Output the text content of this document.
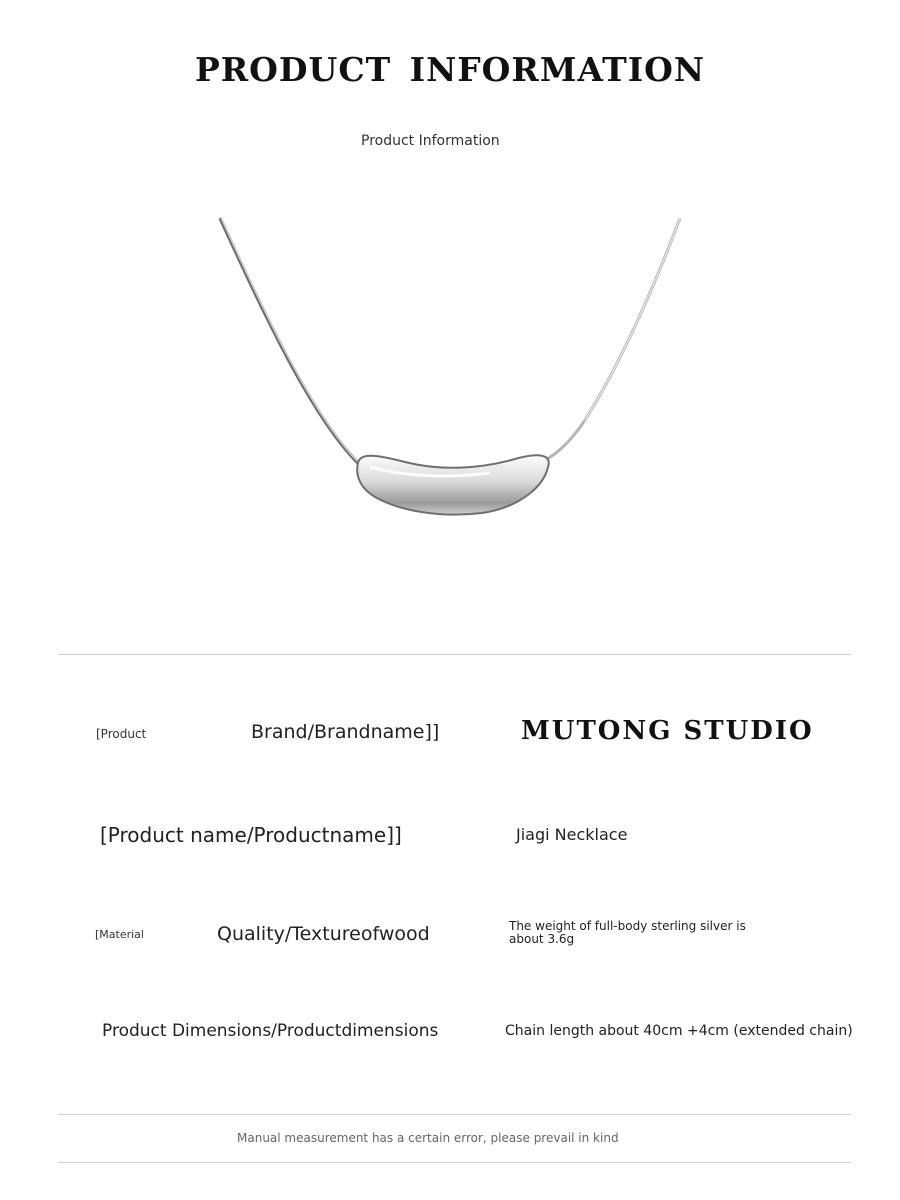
PRODUCT INFORMATION
Product Information
[Product	Brand/Brandname]]	MUTONG STUDIO
[Product name/Productname]]	Jiagi Necklace
[Material	Quality/Textureofwood	The weight of full-body sterling silver is about 3.6g
Product Dimensions/Productdimensions	Chain length about 40cm +4cm (extended chain)
Manual measurement has a certain error, please prevail in kind
